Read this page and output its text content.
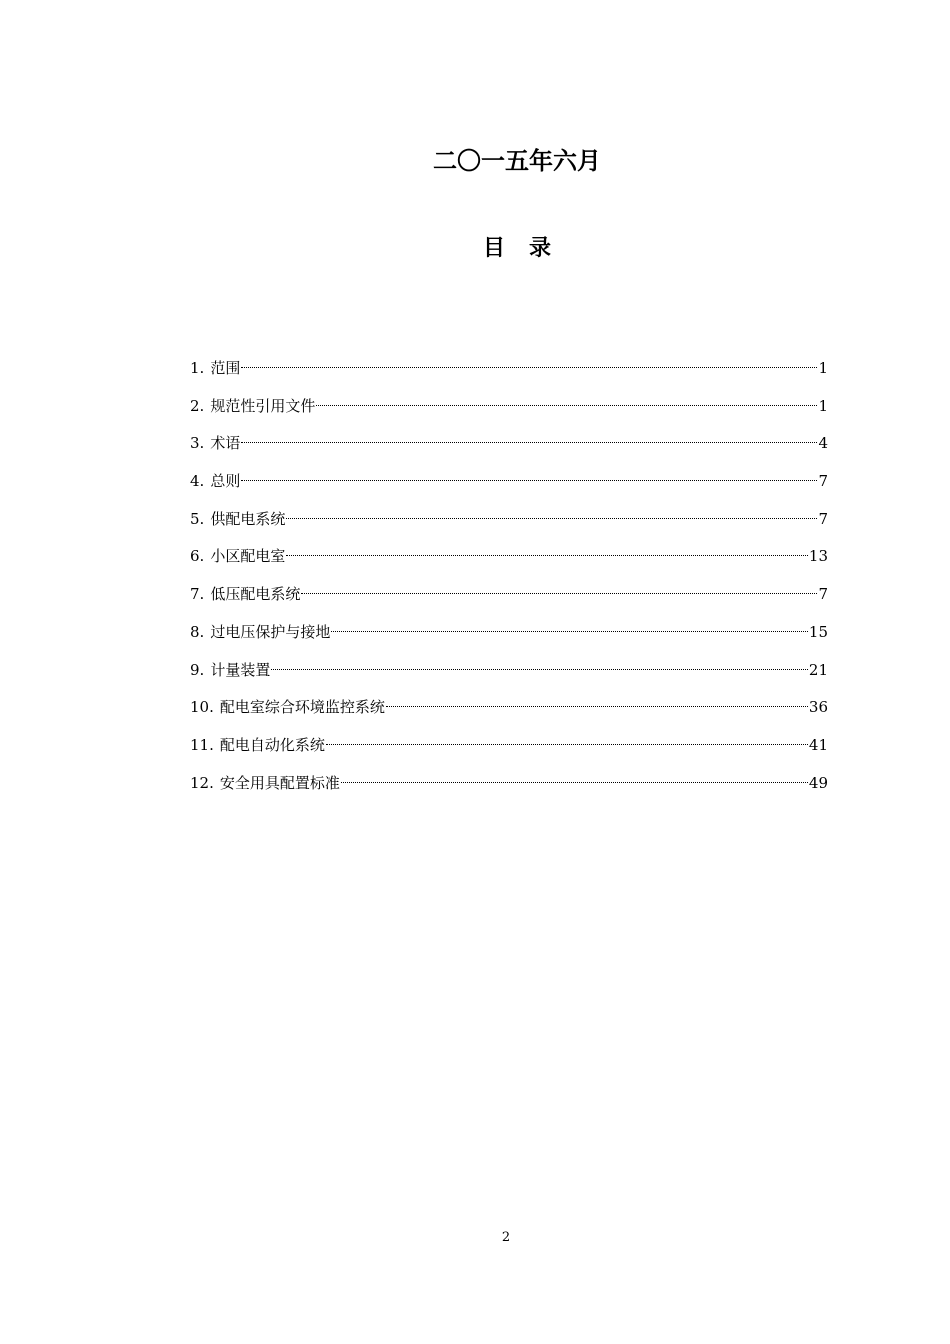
二〇一五年六月
目 录
1. 范围	1
2. 规范性引用文件	1
3. 术语	4
4. 总则	7
5. 供配电系统	7
6. 小区配电室	13
7. 低压配电系统	7
8. 过电压保护与接地	15
9. 计量装置	21
10. 配电室综合环境监控系统	36
11. 配电自动化系统	41
12. 安全用具配置标准	49
2
